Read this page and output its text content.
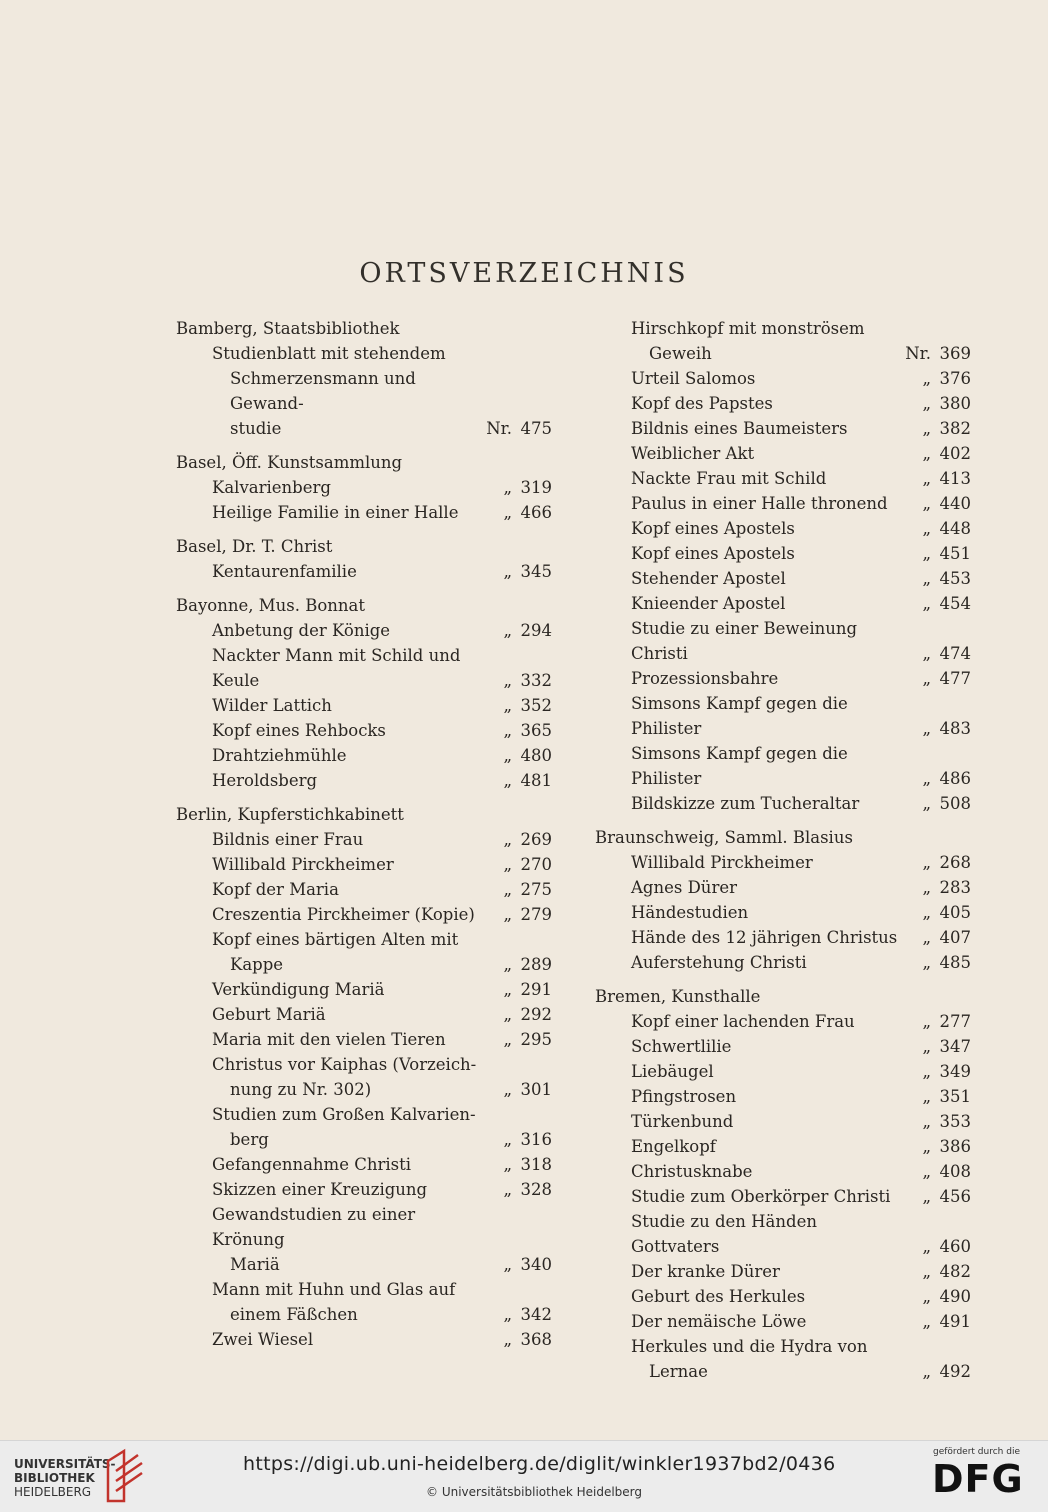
ORTSVERZEICHNIS
Bamberg, Staatsbibliothek
Studienblatt mit stehendem
Schmerzensmann und Gewand-
studie	Nr. 475
Basel, Öff. Kunstsammlung
Kalvarienberg	„ 319
Heilige Familie in einer Halle	„ 466
Basel, Dr. T. Christ
Kentaurenfamilie	„ 345
Bayonne, Mus. Bonnat
Anbetung der Könige	„ 294
Nackter Mann mit Schild und Keule	„ 332
Wilder Lattich	„ 352
Kopf eines Rehbocks	„ 365
Drahtziehmühle	„ 480
Heroldsberg	„ 481
Berlin, Kupferstichkabinett
Bildnis einer Frau	„ 269
Willibald Pirckheimer	„ 270
Kopf der Maria	„ 275
Creszentia Pirckheimer (Kopie)	„ 279
Kopf eines bärtigen Alten mit
Kappe	„ 289
Verkündigung Mariä	„ 291
Geburt Mariä	„ 292
Maria mit den vielen Tieren	„ 295
Christus vor Kaiphas (Vorzeich-
nung zu Nr. 302)	„ 301
Studien zum Großen Kalvarien-
berg	„ 316
Gefangennahme Christi	„ 318
Skizzen einer Kreuzigung	„ 328
Gewandstudien zu einer Krönung
Mariä	„ 340
Mann mit Huhn und Glas auf
einem Fäßchen	„ 342
Zwei Wiesel	„ 368
Hirschkopf mit monströsem
Geweih	Nr. 369
Urteil Salomos	„ 376
Kopf des Papstes	„ 380
Bildnis eines Baumeisters	„ 382
Weiblicher Akt	„ 402
Nackte Frau mit Schild	„ 413
Paulus in einer Halle thronend	„ 440
Kopf eines Apostels	„ 448
Kopf eines Apostels	„ 451
Stehender Apostel	„ 453
Knieender Apostel	„ 454
Studie zu einer Beweinung Christi	„ 474
Prozessionsbahre	„ 477
Simsons Kampf gegen die Philister	„ 483
Simsons Kampf gegen die Philister	„ 486
Bildskizze zum Tucheraltar	„ 508
Braunschweig, Samml. Blasius
Willibald Pirckheimer	„ 268
Agnes Dürer	„ 283
Händestudien	„ 405
Hände des 12 jährigen Christus	„ 407
Auferstehung Christi	„ 485
Bremen, Kunsthalle
Kopf einer lachenden Frau	„ 277
Schwertlilie	„ 347
Liebäugel	„ 349
Pfingstrosen	„ 351
Türkenbund	„ 353
Engelkopf	„ 386
Christusknabe	„ 408
Studie zum Oberkörper Christi	„ 456
Studie zu den Händen Gottvaters	„ 460
Der kranke Dürer	„ 482
Geburt des Herkules	„ 490
Der nemäische Löwe	„ 491
Herkules und die Hydra von
Lernae	„ 492
UNIVERSITÄTS-
BIBLIOTHEK
HEIDELBERG
https://digi.ub.uni-heidelberg.de/diglit/winkler1937bd2/0436
© Universitätsbibliothek Heidelberg
gefördert durch die
DFG
